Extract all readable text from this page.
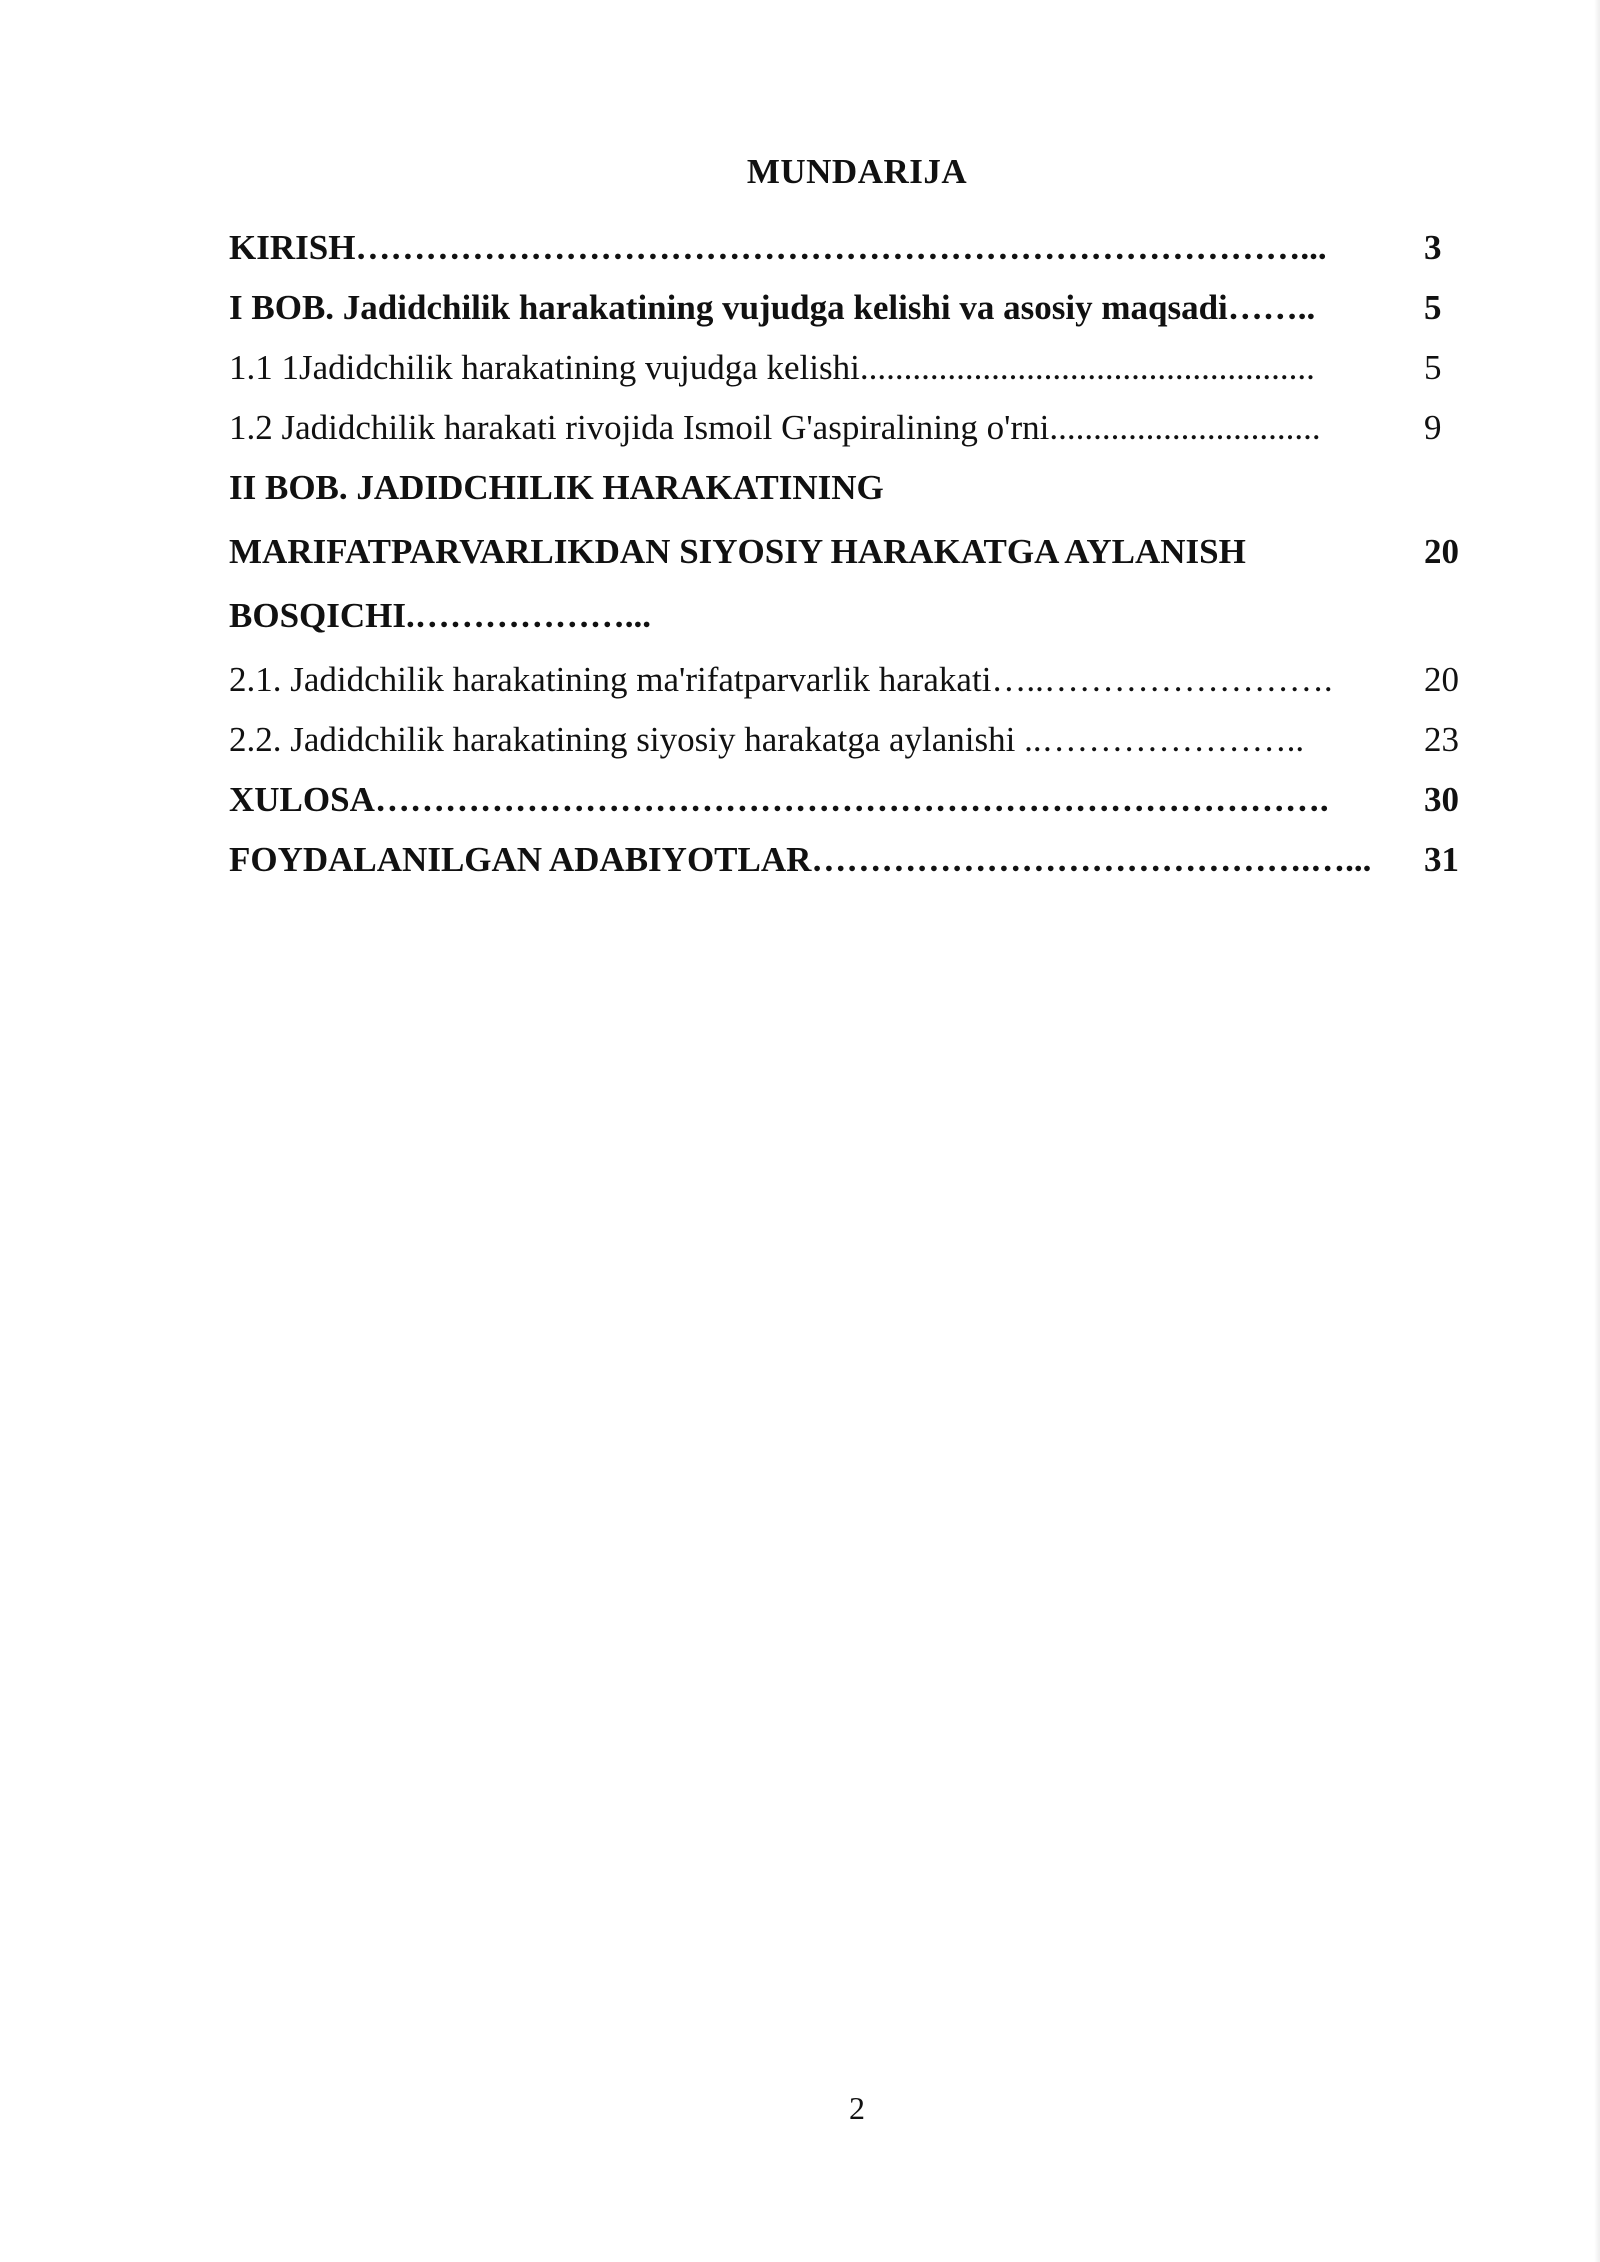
MUNDARIJA
KIRISH………………………………………………………………………...	3
I BOB. Jadidchilik harakatining vujudga kelishi va asosiy maqsadi……..	5
1.1 1Jadidchilik harakatining vujudga kelishi....................................................	5
1.2 Jadidchilik harakati rivojida Ismoil G'aspiralining o'rni...............................	9
II BOB. JADIDCHILIK HARAKATINING
MARIFATPARVARLIKDAN SIYOSIY HARAKATGA AYLANISH	20
BOSQICHI.………………...
2.1. Jadidchilik harakatining ma'rifatparvarlik harakati…..…………………….	20
2.2. Jadidchilik harakatining siyosiy harakatga aylanishi ..…………………..	23
XULOSA……………………………………………………………………….	30
FOYDALANILGAN ADABIYOTLAR…………………………………….…... 31
2
